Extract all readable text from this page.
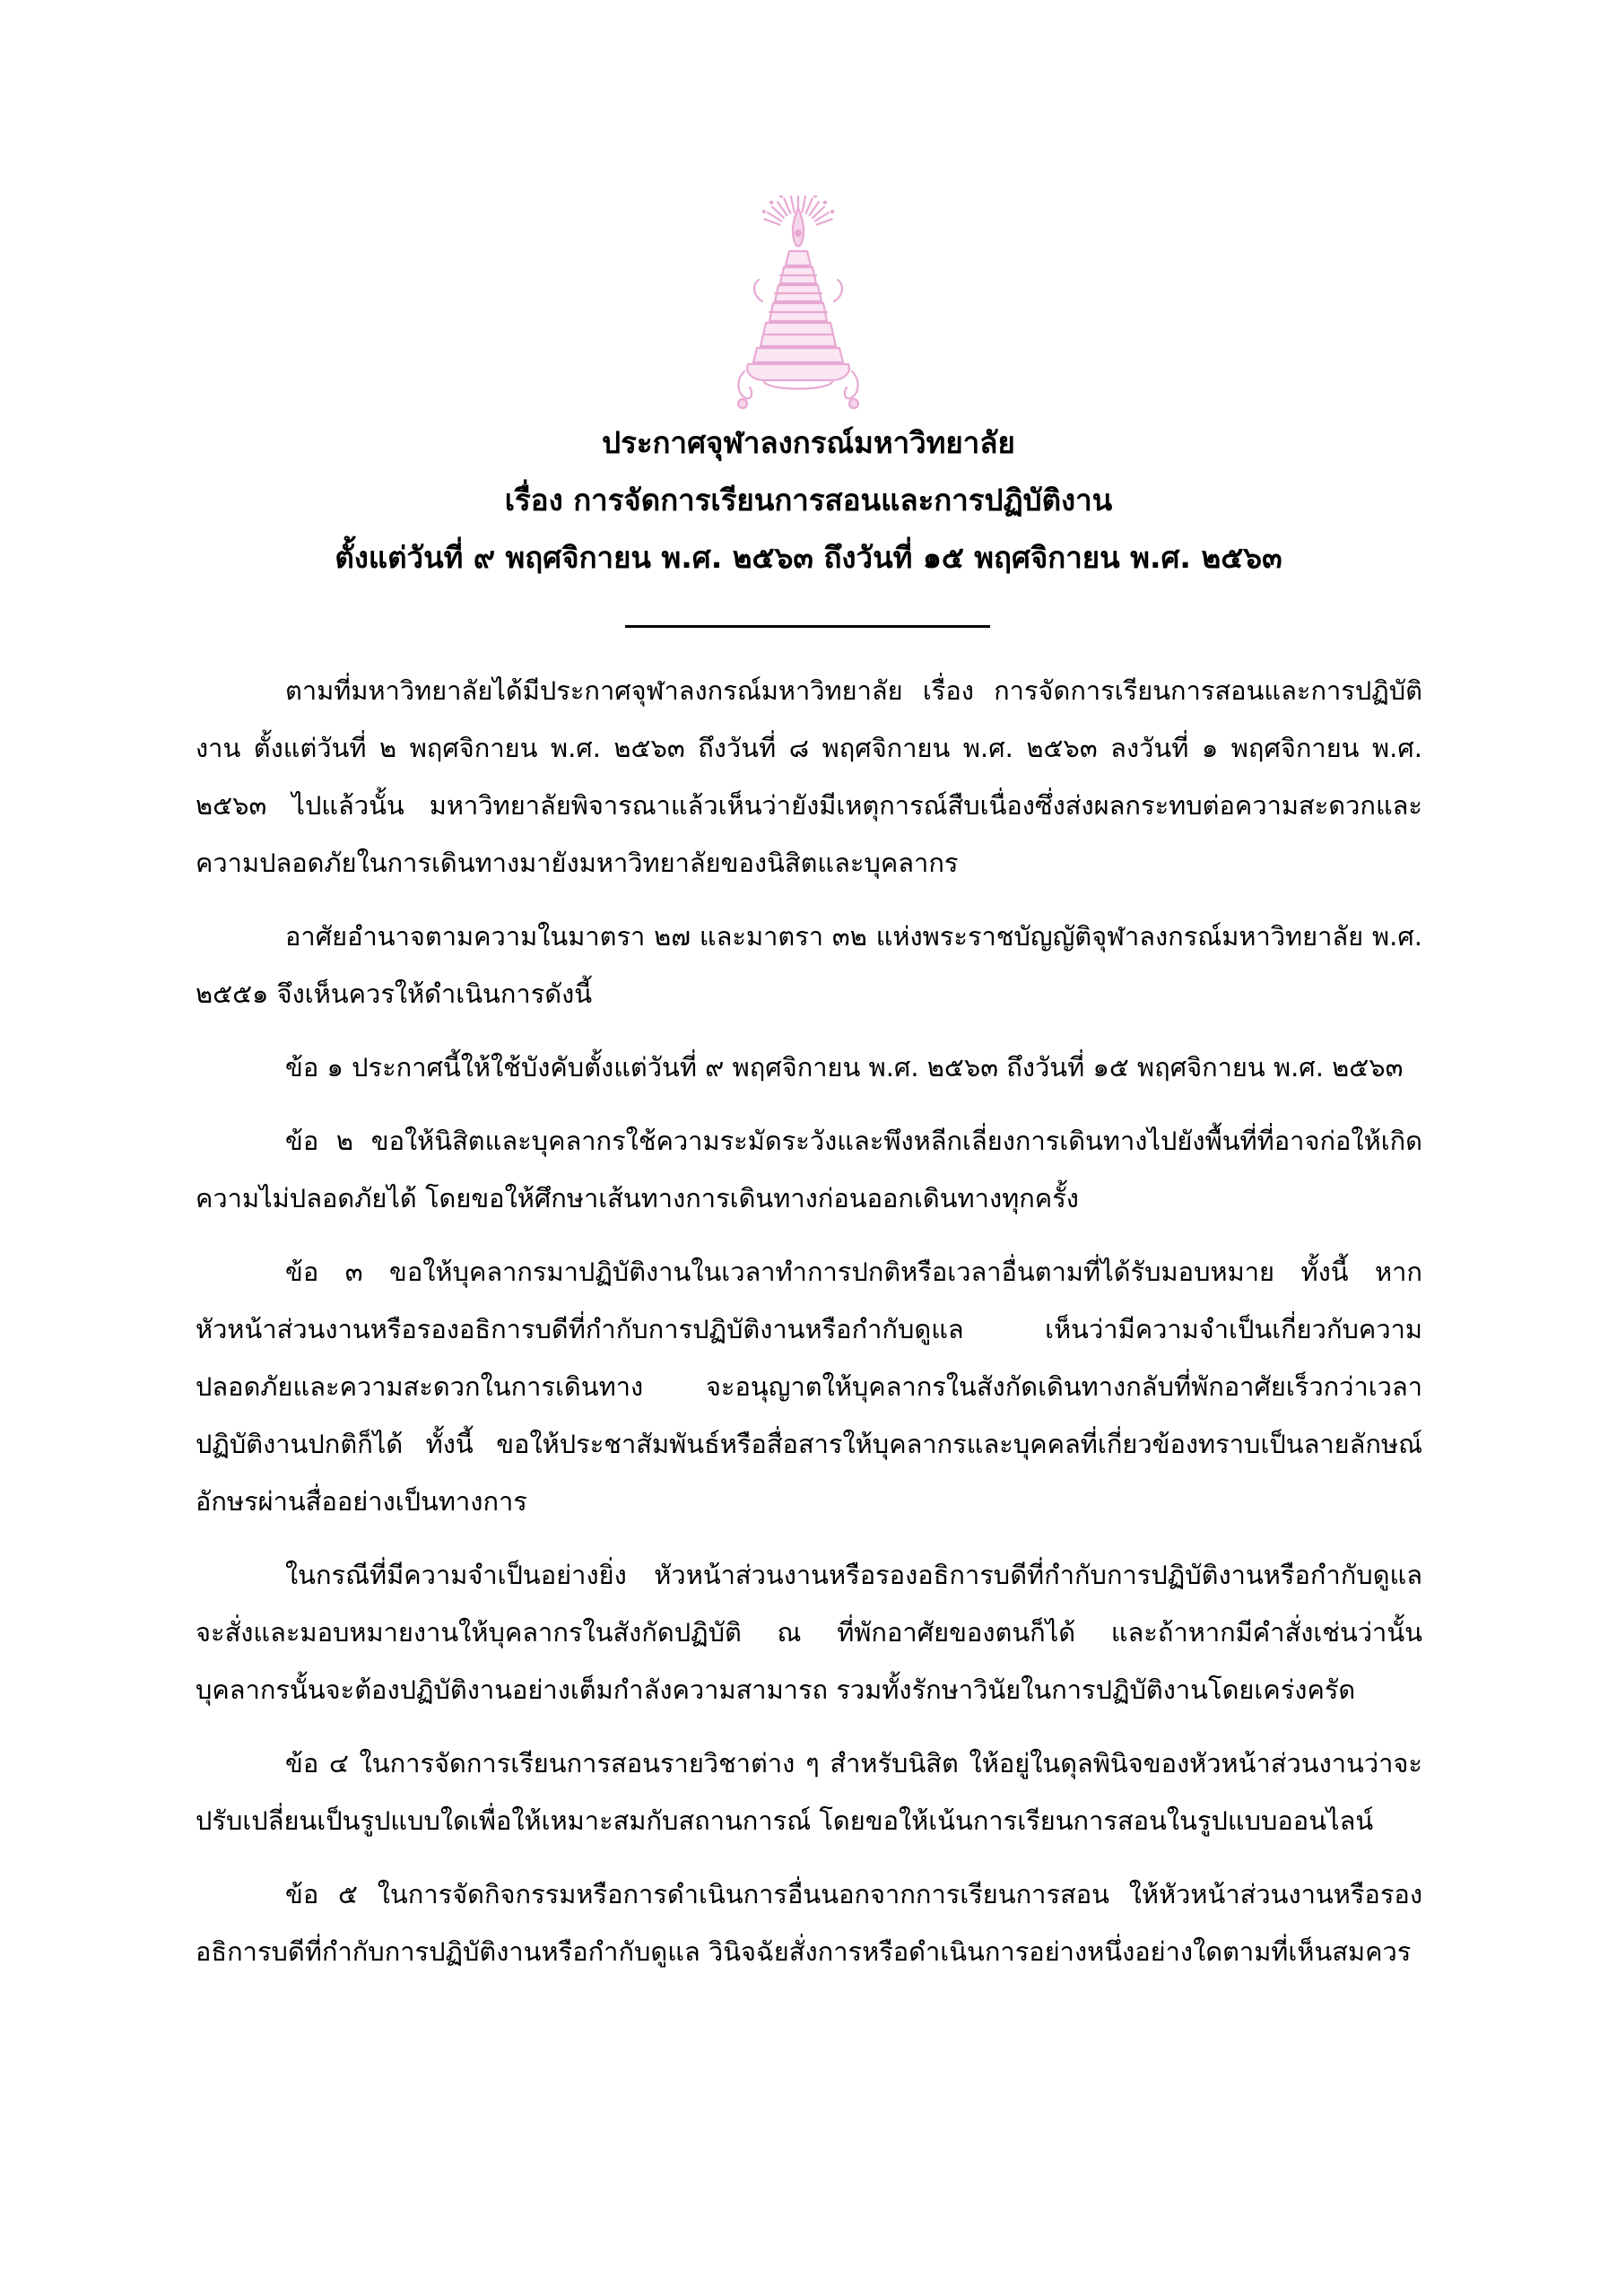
ประกาศจุฬาลงกรณ์มหาวิทยาลัย
เรื่อง การจัดการเรียนการสอนและการปฏิบัติงาน
ตั้งแต่วันที่ ๙ พฤศจิกายน พ.ศ. ๒๕๖๓ ถึงวันที่ ๑๕ พฤศจิกายน พ.ศ. ๒๕๖๓

ตามที่มหาวิทยาลัยได้มีประกาศจุฬาลงกรณ์มหาวิทยาลัย เรื่อง การจัดการเรียนการสอนและการปฏิบัติงาน ตั้งแต่วันที่ ๒ พฤศจิกายน พ.ศ. ๒๕๖๓ ถึงวันที่ ๘ พฤศจิกายน พ.ศ. ๒๕๖๓ ลงวันที่ ๑ พฤศจิกายน พ.ศ. ๒๕๖๓ ไปแล้วนั้น มหาวิทยาลัยพิจารณาแล้วเห็นว่ายังมีเหตุการณ์สืบเนื่องซึ่งส่งผลกระทบต่อความสะดวกและความปลอดภัยในการเดินทางมายังมหาวิทยาลัยของนิสิตและบุคลากร

อาศัยอำนาจตามความในมาตรา ๒๗ และมาตรา ๓๒ แห่งพระราชบัญญัติจุฬาลงกรณ์มหาวิทยาลัย พ.ศ. ๒๕๕๑ จึงเห็นควรให้ดำเนินการดังนี้

ข้อ ๑ ประกาศนี้ให้ใช้บังคับตั้งแต่วันที่ ๙ พฤศจิกายน พ.ศ. ๒๕๖๓ ถึงวันที่ ๑๕ พฤศจิกายน พ.ศ. ๒๕๖๓

ข้อ ๒ ขอให้นิสิตและบุคลากรใช้ความระมัดระวังและพึงหลีกเลี่ยงการเดินทางไปยังพื้นที่ที่อาจก่อให้เกิดความไม่ปลอดภัยได้ โดยขอให้ศึกษาเส้นทางการเดินทางก่อนออกเดินทางทุกครั้ง

ข้อ ๓ ขอให้บุคลากรมาปฏิบัติงานในเวลาทำการปกติหรือเวลาอื่นตามที่ได้รับมอบหมาย ทั้งนี้ หากหัวหน้าส่วนงานหรือรองอธิการบดีที่กำกับการปฏิบัติงานหรือกำกับดูแล เห็นว่ามีความจำเป็นเกี่ยวกับความปลอดภัยและความสะดวกในการเดินทาง จะอนุญาตให้บุคลากรในสังกัดเดินทางกลับที่พักอาศัยเร็วกว่าเวลาปฏิบัติงานปกติก็ได้ ทั้งนี้ ขอให้ประชาสัมพันธ์หรือสื่อสารให้บุคลากรและบุคคลที่เกี่ยวข้องทราบเป็นลายลักษณ์อักษรผ่านสื่ออย่างเป็นทางการ

ในกรณีที่มีความจำเป็นอย่างยิ่ง หัวหน้าส่วนงานหรือรองอธิการบดีที่กำกับการปฏิบัติงานหรือกำกับดูแลจะสั่งและมอบหมายงานให้บุคลากรในสังกัดปฏิบัติ ณ ที่พักอาศัยของตนก็ได้ และถ้าหากมีคำสั่งเช่นว่านั้นบุคลากรนั้นจะต้องปฏิบัติงานอย่างเต็มกำลังความสามารถ รวมทั้งรักษาวินัยในการปฏิบัติงานโดยเคร่งครัด

ข้อ ๔ ในการจัดการเรียนการสอนรายวิชาต่าง ๆ สำหรับนิสิต ให้อยู่ในดุลพินิจของหัวหน้าส่วนงานว่าจะปรับเปลี่ยนเป็นรูปแบบใดเพื่อให้เหมาะสมกับสถานการณ์ โดยขอให้เน้นการเรียนการสอนในรูปแบบออนไลน์

ข้อ ๕ ในการจัดกิจกรรมหรือการดำเนินการอื่นนอกจากการเรียนการสอน ให้หัวหน้าส่วนงานหรือรองอธิการบดีที่กำกับการปฏิบัติงานหรือกำกับดูแล วินิจฉัยสั่งการหรือดำเนินการอย่างหนึ่งอย่างใดตามที่เห็นสมควร
